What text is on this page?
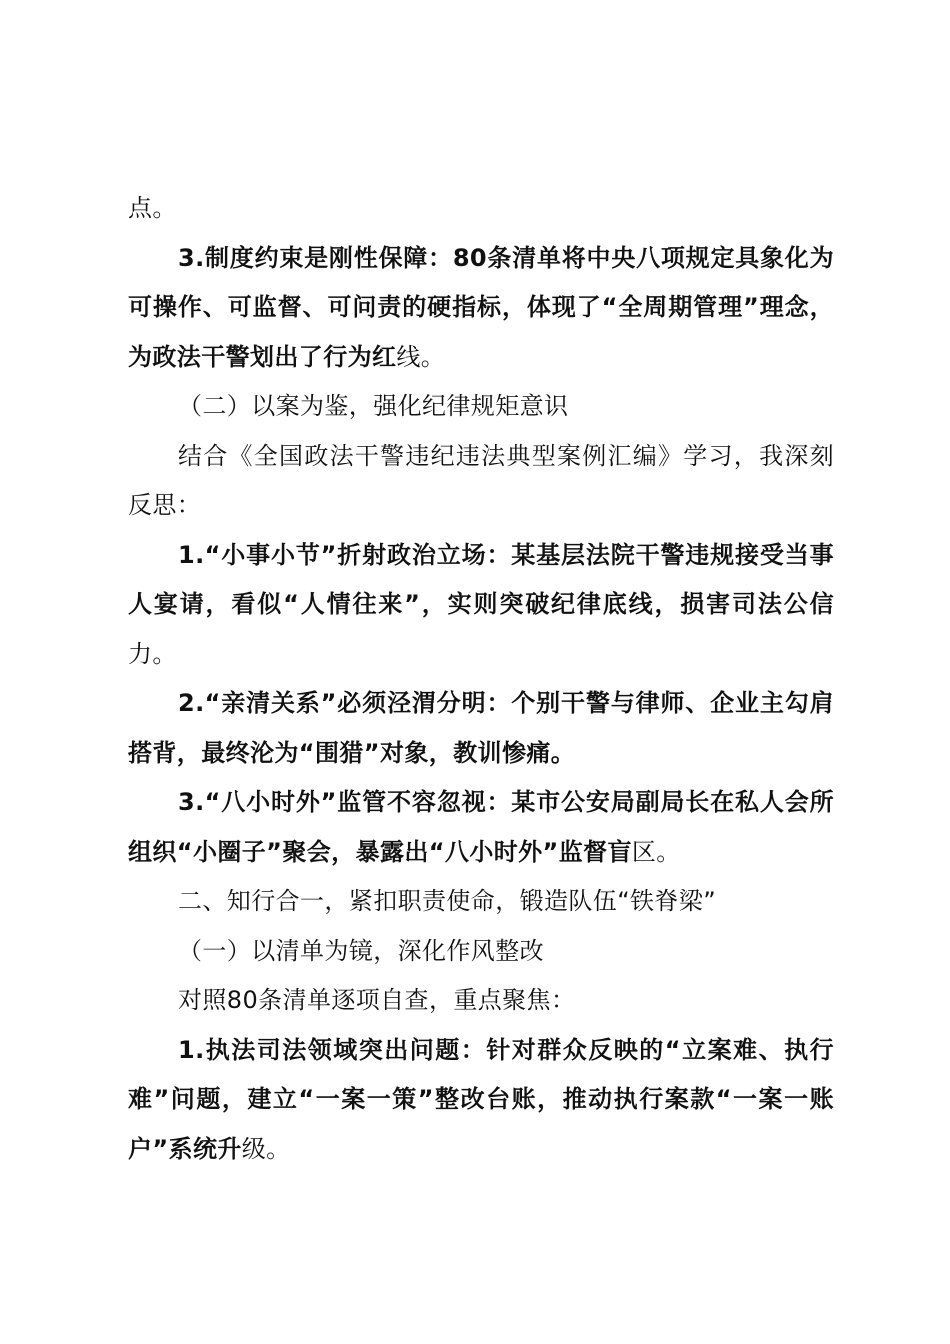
点。

3.制度约束是刚性保障：80条清单将中央八项规定具象化为可操作、可监督、可问责的硬指标，体现了“全周期管理”理念，为政法干警划出了行为红线。

（二）以案为鉴，强化纪律规矩意识

结合《全国政法干警违纪违法典型案例汇编》学习，我深刻反思：

1.“小事小节”折射政治立场：某基层法院干警违规接受当事人宴请，看似“人情往来”，实则突破纪律底线，损害司法公信力。

2.“亲清关系”必须泾渭分明：个别干警与律师、企业主勾肩搭背，最终沦为“围猎”对象，教训惨痛。

3.“八小时外”监管不容忽视：某市公安局副局长在私人会所组织“小圈子”聚会，暴露出“八小时外”监督盲区。

二、知行合一，紧扣职责使命，锻造队伍“铁脊梁”

（一）以清单为镜，深化作风整改

对照80条清单逐项自查，重点聚焦：

1.执法司法领域突出问题：针对群众反映的“立案难、执行难”问题，建立“一案一策”整改台账，推动执行案款“一案一账户”系统升级。
